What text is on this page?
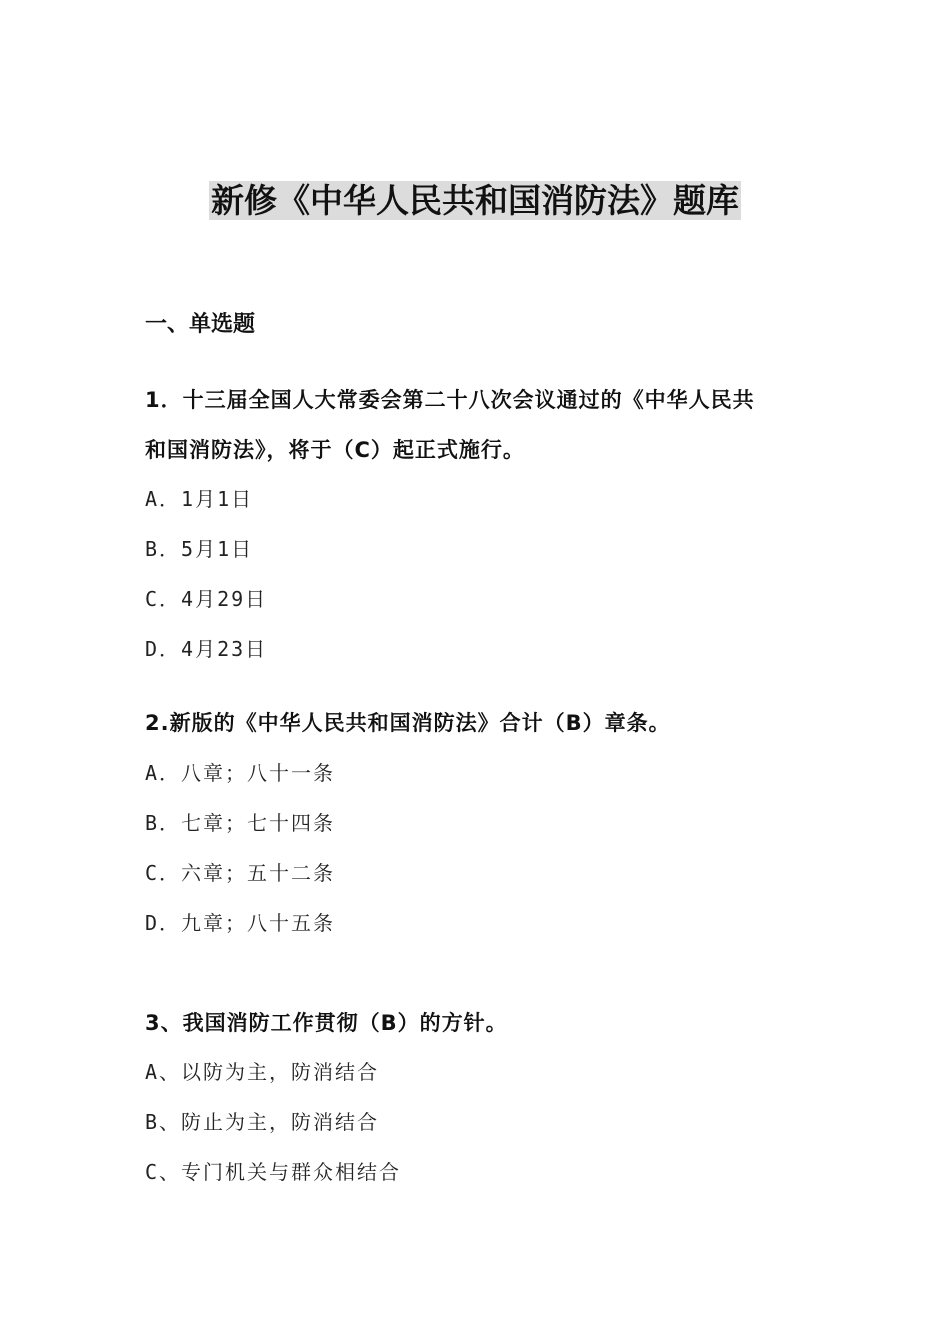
新修《中华人民共和国消防法》题库
一、单选题
1．十三届全国人大常委会第二十八次会议通过的《中华人民共
和国消防法》，将于（C）起正式施行。
A．1月1日
B．5月1日
C．4月29日
D．4月23日
2.新版的《中华人民共和国消防法》合计（B）章条。
A．八章；八十一条
B．七章；七十四条
C．六章；五十二条
D．九章；八十五条
3、我国消防工作贯彻（B）的方针。
A、以防为主，防消结合
B、防止为主，防消结合
C、专门机关与群众相结合
